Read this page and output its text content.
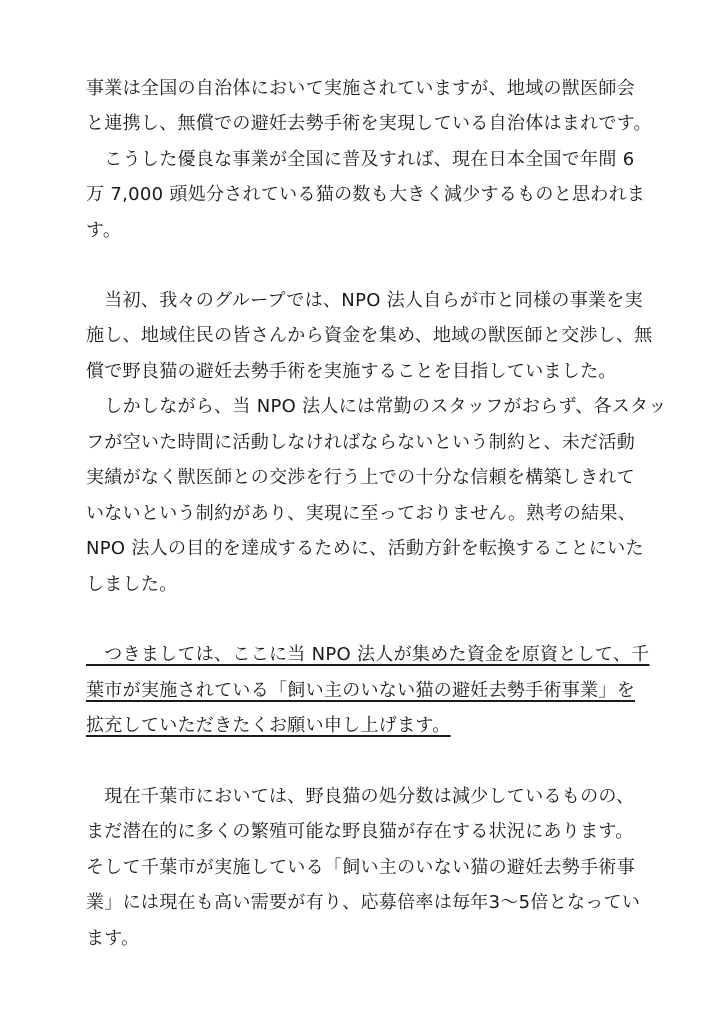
事業は全国の自治体において実施されていますが、地域の獣医師会
と連携し、無償での避妊去勢手術を実現している自治体はまれです。
　こうした優良な事業が全国に普及すれば、現在日本全国で年間 6
万 7,000 頭処分されている猫の数も大きく減少するものと思われま
す。
　当初、我々のグループでは、NPO 法人自らが市と同様の事業を実
施し、地域住民の皆さんから資金を集め、地域の獣医師と交渉し、無
償で野良猫の避妊去勢手術を実施することを目指していました。
　しかしながら、当 NPO 法人には常勤のスタッフがおらず、各スタッ
フが空いた時間に活動しなければならないという制約と、未だ活動
実績がなく獣医師との交渉を行う上での十分な信頼を構築しきれて
いないという制約があり、実現に至っておりません。熟考の結果、
NPO 法人の目的を達成するために、活動方針を転換することにいた
しました。
　つきましては、ここに当 NPO 法人が集めた資金を原資として、千
葉市が実施されている「飼い主のいない猫の避妊去勢手術事業」を
拡充していただきたくお願い申し上げます。
　現在千葉市においては、野良猫の処分数は減少しているものの、
まだ潜在的に多くの繁殖可能な野良猫が存在する状況にあります。
そして千葉市が実施している「飼い主のいない猫の避妊去勢手術事
業」には現在も高い需要が有り、応募倍率は毎年3～5倍となってい
ます。
